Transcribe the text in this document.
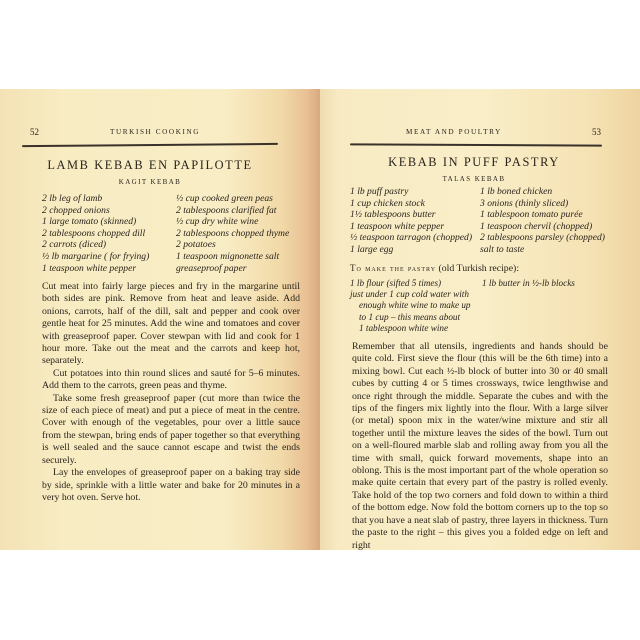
52	TURKISH COOKING
LAMB KEBAB EN PAPILOTTE
KAGIT KEBAB
2 lb leg of lamb
2 chopped onions
1 large tomato (skinned)
2 tablespoons chopped dill
2 carrots (diced)
½ lb margarine ( for frying)
1 teaspoon white pepper
½ cup cooked green peas
2 tablespoons clarified fat
½ cup dry white wine
2 tablespoons chopped thyme
2 potatoes
1 teaspoon mignonette salt
greaseproof paper

Cut meat into fairly large pieces and fry in the margarine until both sides are pink. Remove from heat and leave aside. Add onions, carrots, half of the dill, salt and pepper and cook over gentle heat for 25 minutes. Add the wine and tomatoes and cover with greaseproof paper. Cover stewpan with lid and cook for 1 hour more. Take out the meat and the carrots and keep hot, separately.

Cut potatoes into thin round slices and sauté for 5–6 minutes. Add them to the carrots, green peas and thyme.

Take some fresh greaseproof paper (cut more than twice the size of each piece of meat) and put a piece of meat in the centre. Cover with enough of the vegetables, pour over a little sauce from the stewpan, bring ends of paper together so that everything is well sealed and the sauce cannot escape and twist the ends securely.

Lay the envelopes of greaseproof paper on a baking tray side by side, sprinkle with a little water and bake for 20 minutes in a very hot oven. Serve hot.

MEAT AND POULTRY	53
KEBAB IN PUFF PASTRY
TALAS KEBAB
1 lb puff pastry
1 cup chicken stock
1½ tablespoons butter
1 teaspoon white pepper
½ teaspoon tarragon (chopped)
1 large egg
1 lb boned chicken
3 onions (thinly sliced)
1 tablespoon tomato purée
1 teaspoon chervil (chopped)
2 tablespoons parsley (chopped)
salt to taste
To make the pastry (old Turkish recipe):
1 lb flour (sifted 5 times)
just under 1 cup cold water with
enough white wine to make up
to 1 cup – this means about
1 tablespoon white wine
1 lb butter in ½-lb blocks

Remember that all utensils, ingredients and hands should be quite cold. First sieve the flour (this will be the 6th time) into a mixing bowl. Cut each ½-lb block of butter into 30 or 40 small cubes by cutting 4 or 5 times crossways, twice lengthwise and once right through the middle. Separate the cubes and with the tips of the fingers mix lightly into the flour. With a large silver (or metal) spoon mix in the water/wine mixture and stir all together until the mixture leaves the sides of the bowl. Turn out on a well-floured marble slab and rolling away from you all the time with small, quick forward movements, shape into an oblong. This is the most important part of the whole operation so make quite certain that every part of the pastry is rolled evenly. Take hold of the top two corners and fold down to within a third of the bottom edge. Now fold the bottom corners up to the top so that you have a neat slab of pastry, three layers in thickness. Turn the paste to the right – this gives you a folded edge on left and right
